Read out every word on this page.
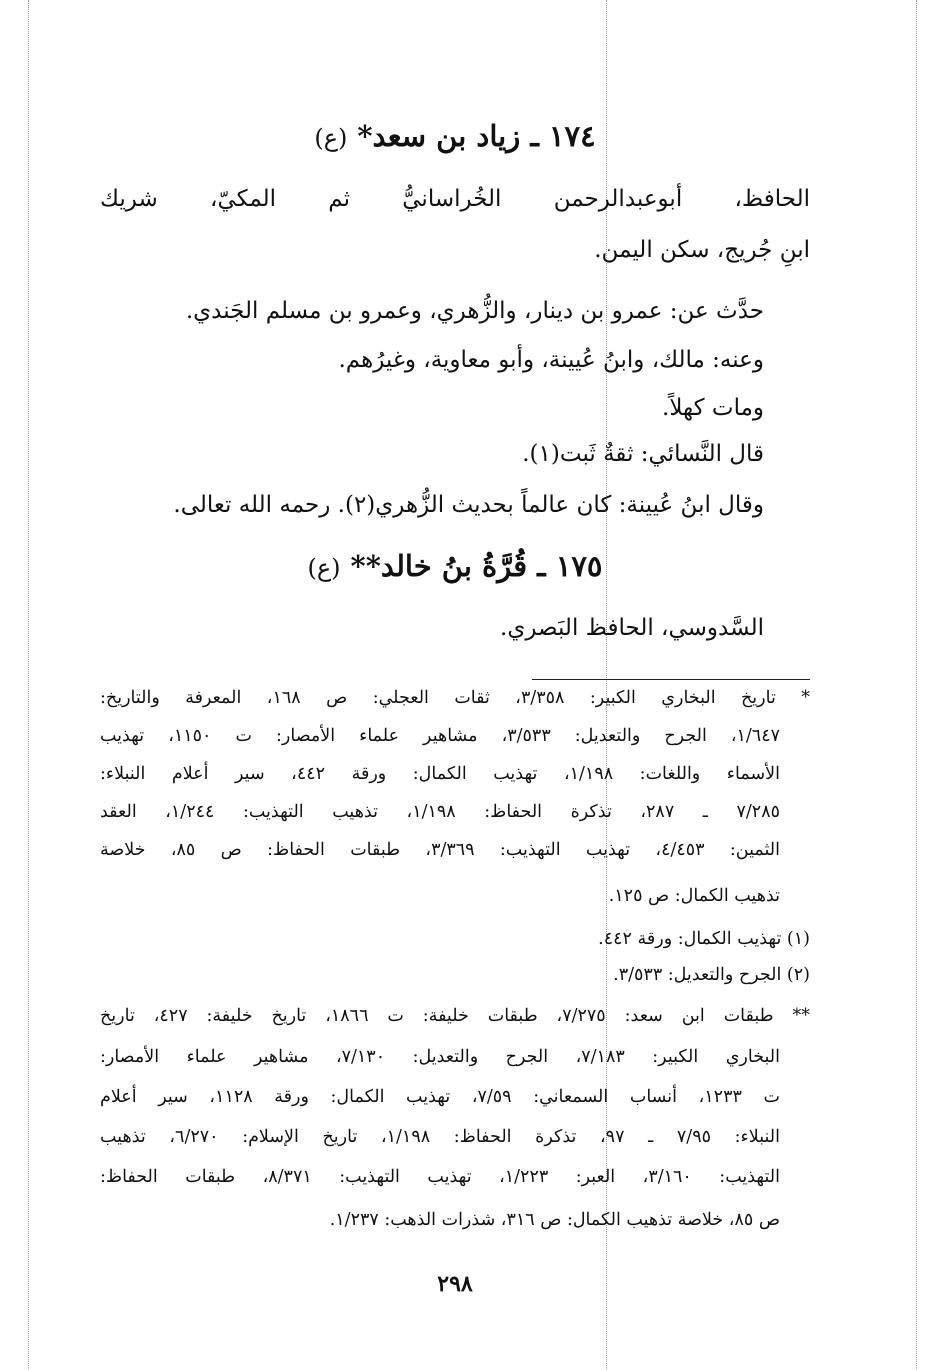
١٧٤ ـ زياد بن سعد*(ع)
الحافظ، أبوعبدالرحمن الخُراسانيُّ ثم المكيّ، شريك
ابنِ جُريج، سكن اليمن.
حدَّث عن: عمرو بن دينار، والزُّهري، وعمرو بن مسلم الجَندي.
وعنه: مالك، وابنُ عُيينة، وأبو معاوية، وغيرُهم.
ومات كهلاً.
قال النَّسائي: ثقةٌ ثَبت(١).
وقال ابنُ عُيينة: كان عالماً بحديث الزُّهري(٢). رحمه الله تعالى.
١٧٥ ـ قُرَّةُ بنُ خالد**(ع)
السَّدوسي، الحافظ البَصري.
* تاريخ البخاري الكبير: ٣/٣٥٨، ثقات العجلي: ص ١٦٨، المعرفة والتاريخ:
١/٦٤٧، الجرح والتعديل: ٣/٥٣٣، مشاهير علماء الأمصار: ت ١١٥٠، تهذيب
الأسماء واللغات: ١/١٩٨، تهذيب الكمال: ورقة ٤٤٢، سير أعلام النبلاء:
٧/٢٨٥ ـ ٢٨٧، تذكرة الحفاظ: ١/١٩٨، تذهيب التهذيب: ١/٢٤٤، العقد
الثمين: ٤/٤٥٣، تهذيب التهذيب: ٣/٣٦٩، طبقات الحفاظ: ص ٨٥، خلاصة
تذهيب الكمال: ص ١٢٥.
(١) تهذيب الكمال: ورقة ٤٤٢.
(٢) الجرح والتعديل: ٣/٥٣٣.
** طبقات ابن سعد: ٧/٢٧٥، طبقات خليفة: ت ١٨٦٦، تاريخ خليفة: ٤٢٧، تاريخ
البخاري الكبير: ٧/١٨٣، الجرح والتعديل: ٧/١٣٠، مشاهير علماء الأمصار:
ت ١٢٣٣، أنساب السمعاني: ٧/٥٩، تهذيب الكمال: ورقة ١١٢٨، سير أعلام
النبلاء: ٧/٩٥ ـ ٩٧، تذكرة الحفاظ: ١/١٩٨، تاريخ الإسلام: ٦/٢٧٠، تذهيب
التهذيب: ٣/١٦٠، العبر: ١/٢٢٣، تهذيب التهذيب: ٨/٣٧١، طبقات الحفاظ:
ص ٨٥، خلاصة تذهيب الكمال: ص ٣١٦، شذرات الذهب: ١/٢٣٧.
٢٩٨
